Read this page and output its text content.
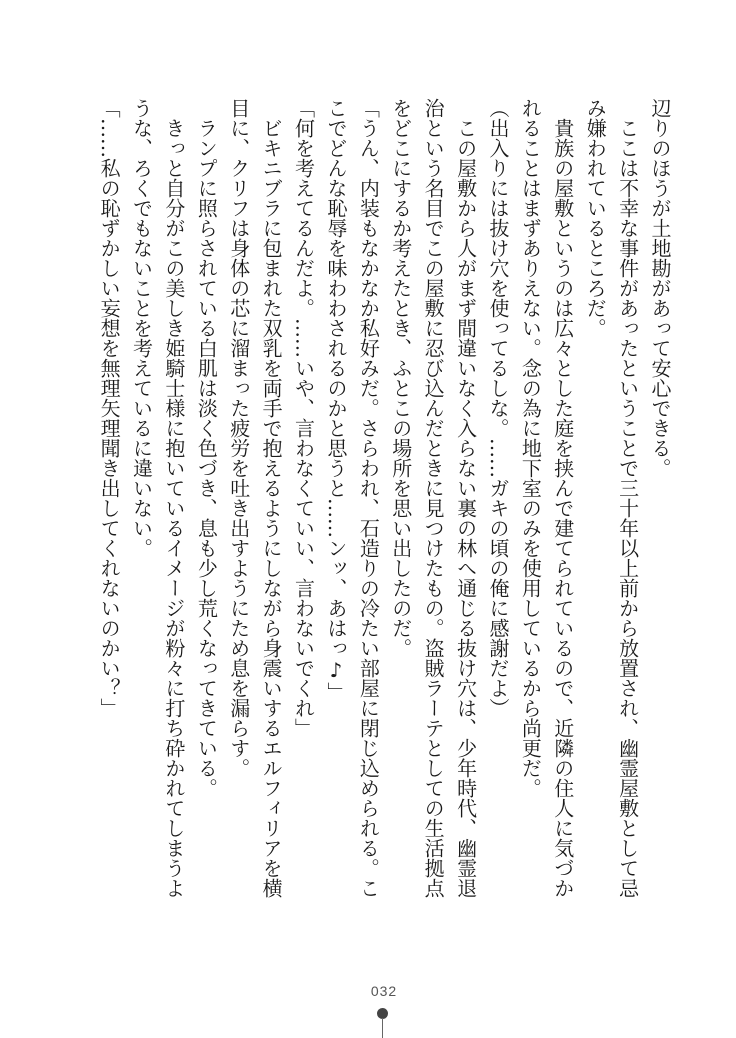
辺りのほうが土地勘があって安心できる。

　ここは不幸な事件があったということで三十年以上前から放置され、幽霊屋敷として忌

み嫌われているところだ。

　貴族の屋敷というのは広々とした庭を挟んで建てられているので、近隣の住人に気づか

れることはまずありえない。念の為に地下室のみを使用しているから尚更だ。

（出入りには抜け穴を使ってるしな。……ガキの頃の俺に感謝だよ）

　この屋敷から人がまず間違いなく入らない裏の林へ通じる抜け穴は、少年時代、幽霊退

治という名目でこの屋敷に忍び込んだときに見つけたもの。盗賊ラーテとしての生活拠点

をどこにするか考えたとき、ふとこの場所を思い出したのだ。

「うん、内装もなかなか私好みだ。さらわれ、石造りの冷たい部屋に閉じ込められる。こ

こでどんな恥辱を味わわされるのかと思うと……ンッ、あはっ♪」

「何を考えてるんだよ。……いや、言わなくていい、言わないでくれ」

　ビキニブラに包まれた双乳を両手で抱えるようにしながら身震いするエルフィリアを横

目に、クリフは身体の芯に溜まった疲労を吐き出すようにため息を漏らす。

　ランプに照らされている白肌は淡く色づき、息も少し荒くなってきている。

　きっと自分がこの美しき姫騎士様に抱いているイメージが粉々に打ち砕かれてしまうよ

うな、ろくでもないことを考えているに違いない。

「……私の恥ずかしい妄想を無理矢理聞き出してくれないのかい？」

032
